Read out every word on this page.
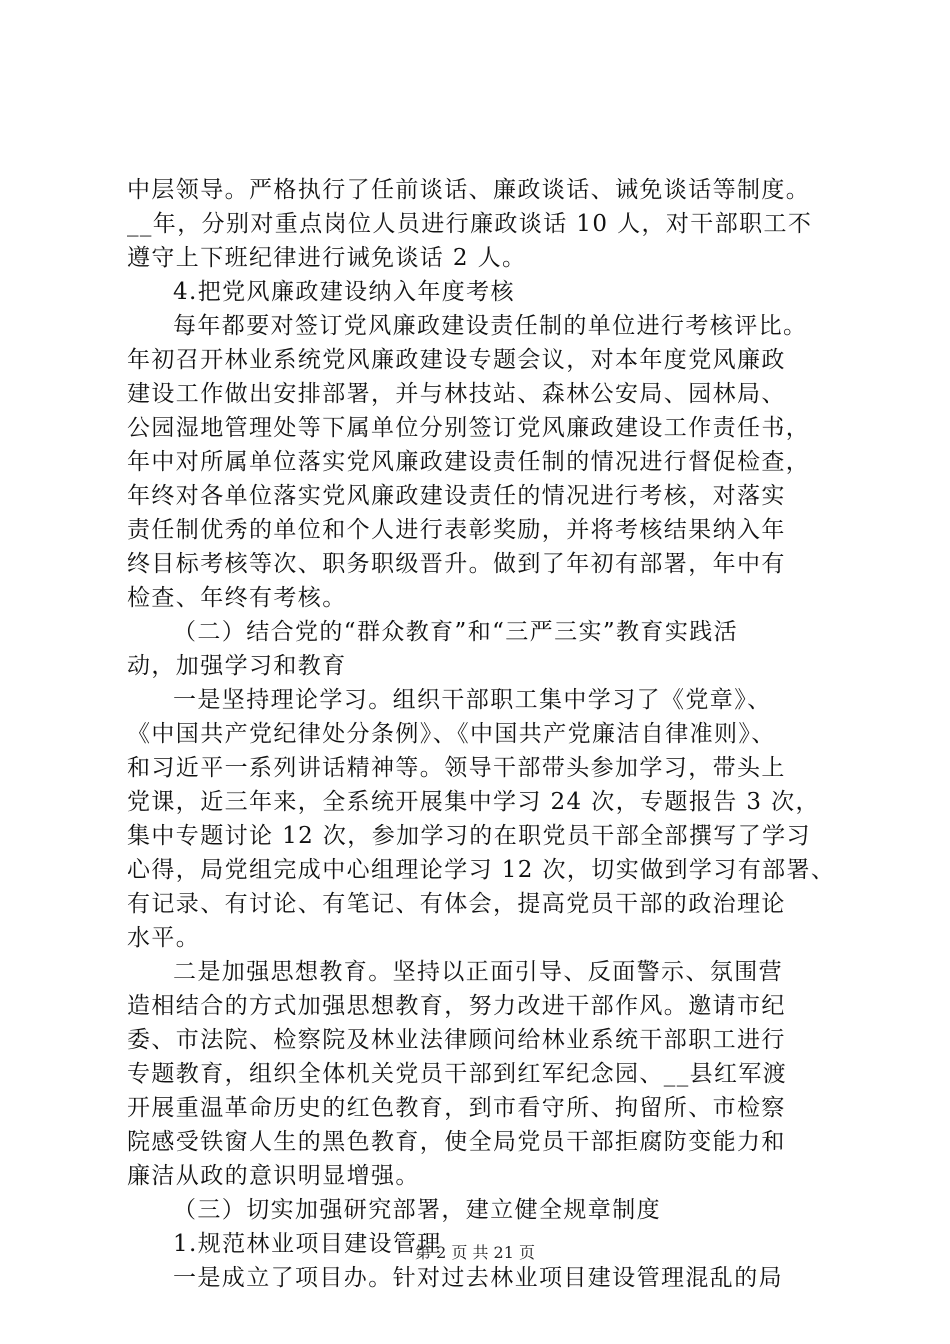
中层领导。严格执行了任前谈话、廉政谈话、诫免谈话等制度。
__年，分别对重点岗位人员进行廉政谈话 10 人，对干部职工不
遵守上下班纪律进行诫免谈话 2 人。
4.把党风廉政建设纳入年度考核
每年都要对签订党风廉政建设责任制的单位进行考核评比。
年初召开林业系统党风廉政建设专题会议，对本年度党风廉政
建设工作做出安排部署，并与林技站、森林公安局、园林局、
公园湿地管理处等下属单位分别签订党风廉政建设工作责任书，
年中对所属单位落实党风廉政建设责任制的情况进行督促检查，
年终对各单位落实党风廉政建设责任的情况进行考核，对落实
责任制优秀的单位和个人进行表彰奖励，并将考核结果纳入年
终目标考核等次、职务职级晋升。做到了年初有部署，年中有
检查、年终有考核。
（二）结合党的“群众教育”和“三严三实”教育实践活
动，加强学习和教育
一是坚持理论学习。组织干部职工集中学习了《党章》、
《中国共产党纪律处分条例》、《中国共产党廉洁自律准则》、
和习近平一系列讲话精神等。领导干部带头参加学习，带头上
党课，近三年来，全系统开展集中学习 24 次，专题报告 3 次，
集中专题讨论 12 次，参加学习的在职党员干部全部撰写了学习
心得，局党组完成中心组理论学习 12 次，切实做到学习有部署、
有记录、有讨论、有笔记、有体会，提高党员干部的政治理论
水平。
二是加强思想教育。坚持以正面引导、反面警示、氛围营
造相结合的方式加强思想教育，努力改进干部作风。邀请市纪
委、市法院、检察院及林业法律顾问给林业系统干部职工进行
专题教育，组织全体机关党员干部到红军纪念园、__县红军渡
开展重温革命历史的红色教育，到市看守所、拘留所、市检察
院感受铁窗人生的黑色教育，使全局党员干部拒腐防变能力和
廉洁从政的意识明显增强。
（三）切实加强研究部署，建立健全规章制度
1.规范林业项目建设管理
一是成立了项目办。针对过去林业项目建设管理混乱的局
第 2 页 共 21 页
